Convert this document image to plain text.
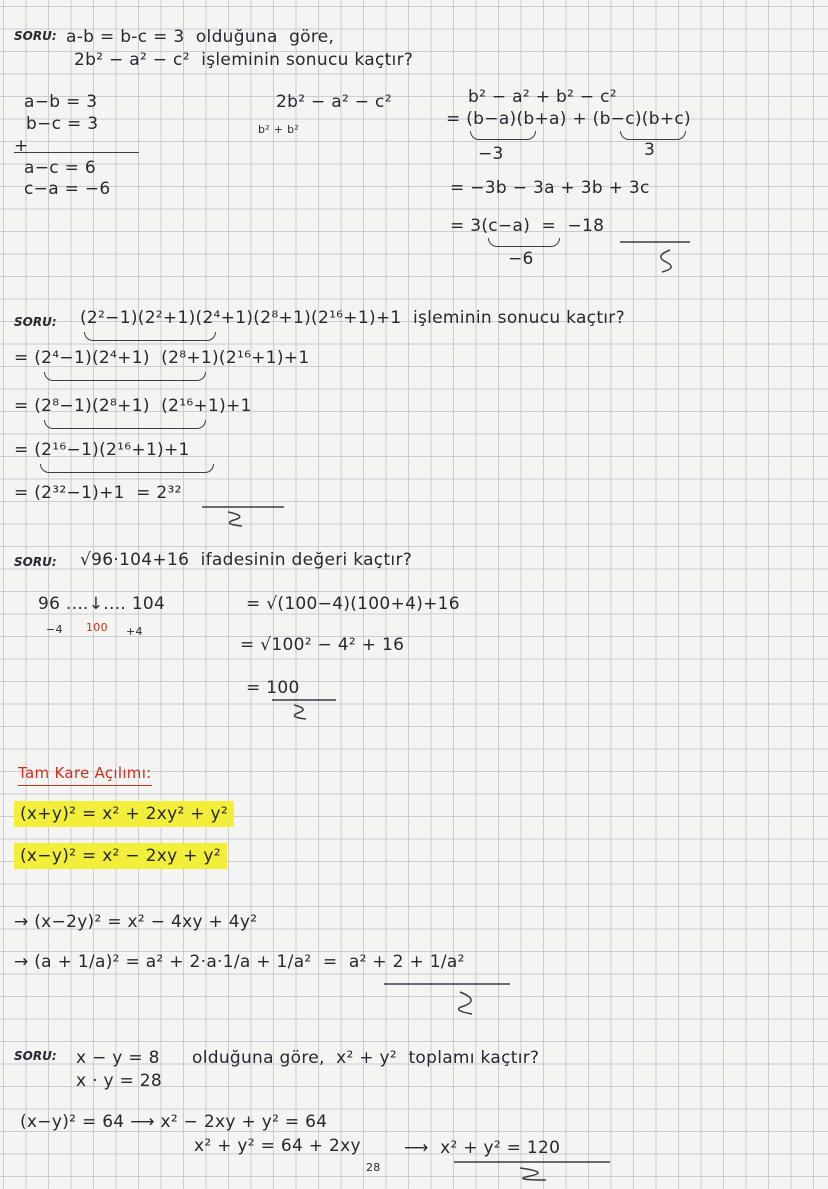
SORU: a-b = b-c = 3  olduğuna  göre,
2b² − a² − c²  işleminin sonucu kaçtır?
a−b = 3
b−c = 3
+
a−c = 6
c−a = −6
2b² − a² − c²
b² + b²
b² − a² + b² − c²
= (b−a)(b+a) + (b−c)(b+c)
−3	3
= −3b − 3a + 3b + 3c
= 3(c−a)  =  −18
−6
SORU: (2²−1)(2²+1)(2⁴+1)(2⁸+1)(2¹⁶+1)+1  işleminin sonucu kaçtır?
= (2⁴−1)(2⁴+1)  (2⁸+1)(2¹⁶+1)+1
= (2⁸−1)(2⁸+1)  (2¹⁶+1)+1
= (2¹⁶−1)(2¹⁶+1)+1
= (2³²−1)+1  = 2³²
SORU: √96·104+16  ifadesinin değeri kaçtır?
96 ....↓.... 104
−4 100 +4
= √(100−4)(100+4)+16
= √100² − 4² + 16
= 100
Tam Kare Açılımı:
(x+y)² = x² + 2xy² + y²
(x−y)² = x² − 2xy + y²
→ (x−2y)² = x² − 4xy + 4y²
→ (a + 1/a)² = a² + 2·a·1/a + 1/a²  =  a² + 2 + 1/a²
SORU: x − y = 8
x · y = 28
olduğuna göre,  x² + y²  toplamı kaçtır?
(x−y)² = 64 ⟶ x² − 2xy + y² = 64
x² + y² = 64 + 2xy
28
⟶  x² + y² = 120
